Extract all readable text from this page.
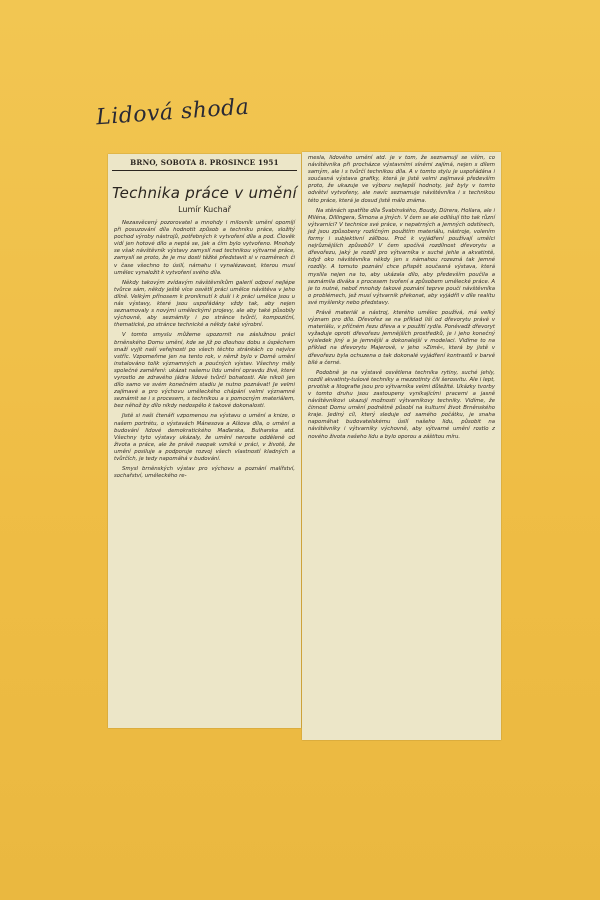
Lidová shoda
BRNO, SOBOTA 8. PROSINCE 1951
Technika práce v umění
Lumír Kuchař

Nezasvěcený pozorovatel a mnohdy i milovník umění opomíjí při posuzování díla hodnotit způsob a techniku práce, složitý pochod výroby nástrojů, potřebných k vytvoření díla a pod. Člověk vidí jen hotové dílo a neptá se, jak a čím bylo vytvořeno. Mnohdy se však návštěvník výstavy zamyslí nad technikou výtvarné práce, zamyslí se proto, že je mu dosti těžké představit si v rozměrech či v čase všechno to úsilí, námahu i vynalézavost, kterou musí umělec vynaložit k vytvoření svého díla.

Někdy takovým zvídavým návštěvníkům galerií odpoví nejlépe tvůrce sám, někdy ještě více osvětlí práci umělce návštěva v jeho dílně. Velkým přínosem k proniknutí k duši i k práci umělce jsou u nás výstavy, které jsou uspořádány vždy tak, aby nejen seznamovaly s novými uměleckými projevy, ale aby také působily výchovně, aby seznámily i po stránce tvůrčí, kompoziční, thematické, po stránce technické a někdy také výrobní.

V tomto smyslu můžeme upozornit na záslužnou práci brněnského Domu umění, kde se již po dlouhou dobu s úspěchem snaží vyjít naší veřejnosti po všech těchto stránkách co nejvíce vstříc. Vzpomeňme jen na tento rok, v němž bylo v Domě umění instalováno tolik významných a poučných výstav. Všechny měly společné zaměření: ukázat našemu lidu umění opravdu živé, které vyrostlo ze zdravého jádra lidové tvůrčí bohatosti. Ale nikoli jen dílo samo ve svém konečném stadiu je nutno poznávat! Je velmi zajímavé a pro výchovu uměleckého chápání velmi významné seznámit se i s procesem, s technikou a s pomocným materiálem, bez něhož by dílo nikdy nedospělo k takové dokonalosti.

Jistě si naši čtenáři vzpomenou na výstavu o umění a knize, o našem portrétu, o výstavách Mánesova a Alšova díla, o umění a budování lidové demokratického Maďarska, Bulharska atd. Všechny tyto výstavy ukázaly, že umění neroste odděleně od života a práce, ale že právě naopak vzniká v práci, v životě, že umění posiluje a podporuje rozvoj všech vlastností kladných a tvůrčích, je tedy napomáhá v budování.

Smysl brněnských výstav pro výchovu a poznání malířství, sochařství, uměleckého re-

mesla, lidového umění atd. je v tom, že seznamují se vším, co návštěvníka při procházce výstavními síněmi zajímá, nejen s dílem samým, ale i s tvůrčí technikou díla. A v tomto stylu je uspořádána i současná výstava grafiky, která je jistě velmi zajímavá především proto, že ukazuje ve výboru nejlepší hodnoty, jež byly v tomto odvětví vytvořeny, ale navíc seznamuje návštěvníka i s technikou této práce, která je dosud jistě málo známa.

Na stěnách spatříte díla Švabinského, Boudy, Dürera, Hollara, ale i Miléna, Dillingera, Šimona a jiných. V čem se ale odlišují tito tak různí výtvarníci? V technice své práce, v nepatrných a jemných odstínech, jež jsou způsobeny rozličným použitím materiálu, nástroje, volením formy i subjektivní záľibou. Proč k vyjádření používají umělci nejrůznějších způsobů? V čem spočívá rozdílnost dřevorytu a dřevořezu, jaký je rozdíl pro výtvarníka v suché jehle a akvatintě, když oko návštěvníka někdy jen s námahou rozezná tak jemné rozdíly. A tomuto poznání chce přispět současná výstava, která myslila nejen na to, aby ukázala dílo, aby především poučila a seznámila diváka s procesem tvoření a způsobem umělecké práce. A je to nutné, neboť mnohdy takové poznání teprve pouči návštěvníka o problémech, jež musí výtvarník překonat, aby vyjádřil v díle realitu své myšlenky nebo představy.

Právě materiál a nástroj, kterého umělec používá, má velký význam pro dílo. Dřevořez se na příklad liší od dřevorytu právě v materiálu, v příčném řezu dřeva a v použití rydla. Poněvadž dřevoryt vyžaduje oproti dřevořezu jemnějších prostředků, je i jeho konečný výsledek jiný a je jemnější a dokonalejší v modelaci. Vidíme to na příklad na dřevorytu Majerově, v jeho »Zimě«, která by jistě v dřevořezu byla ochuzena o tak dokonalé vyjádření kontrastů v barvě bílé a černé.

Podobně je na výstavě osvětlena technika rytiny, suché jehly, rozdíl akvatinty-tušové techniky a mezzotinty čili šerosvitu. Ale i lept, prvotisk a litografie jsou pro výtvarníka velmi důležité. Ukázky tvorby v tomto druhu jsou zastoupeny vynikajícími pracemi a jasně návštěvníkovi ukazují možnosti výtvarníkovy techniky. Vidíme, že činnost Domu umění podnětně působí na kulturní život Brněnského kraje. Jediný cíl, který sleduje od samého počátku, je snaha napomáhat budovatelskému úsilí našeho lidu, působit na návštěvníky i výtvarníky výchovně, aby výtvarné umění rostlo z nového života našeho lidu a bylo oporou a záštitou míru.
